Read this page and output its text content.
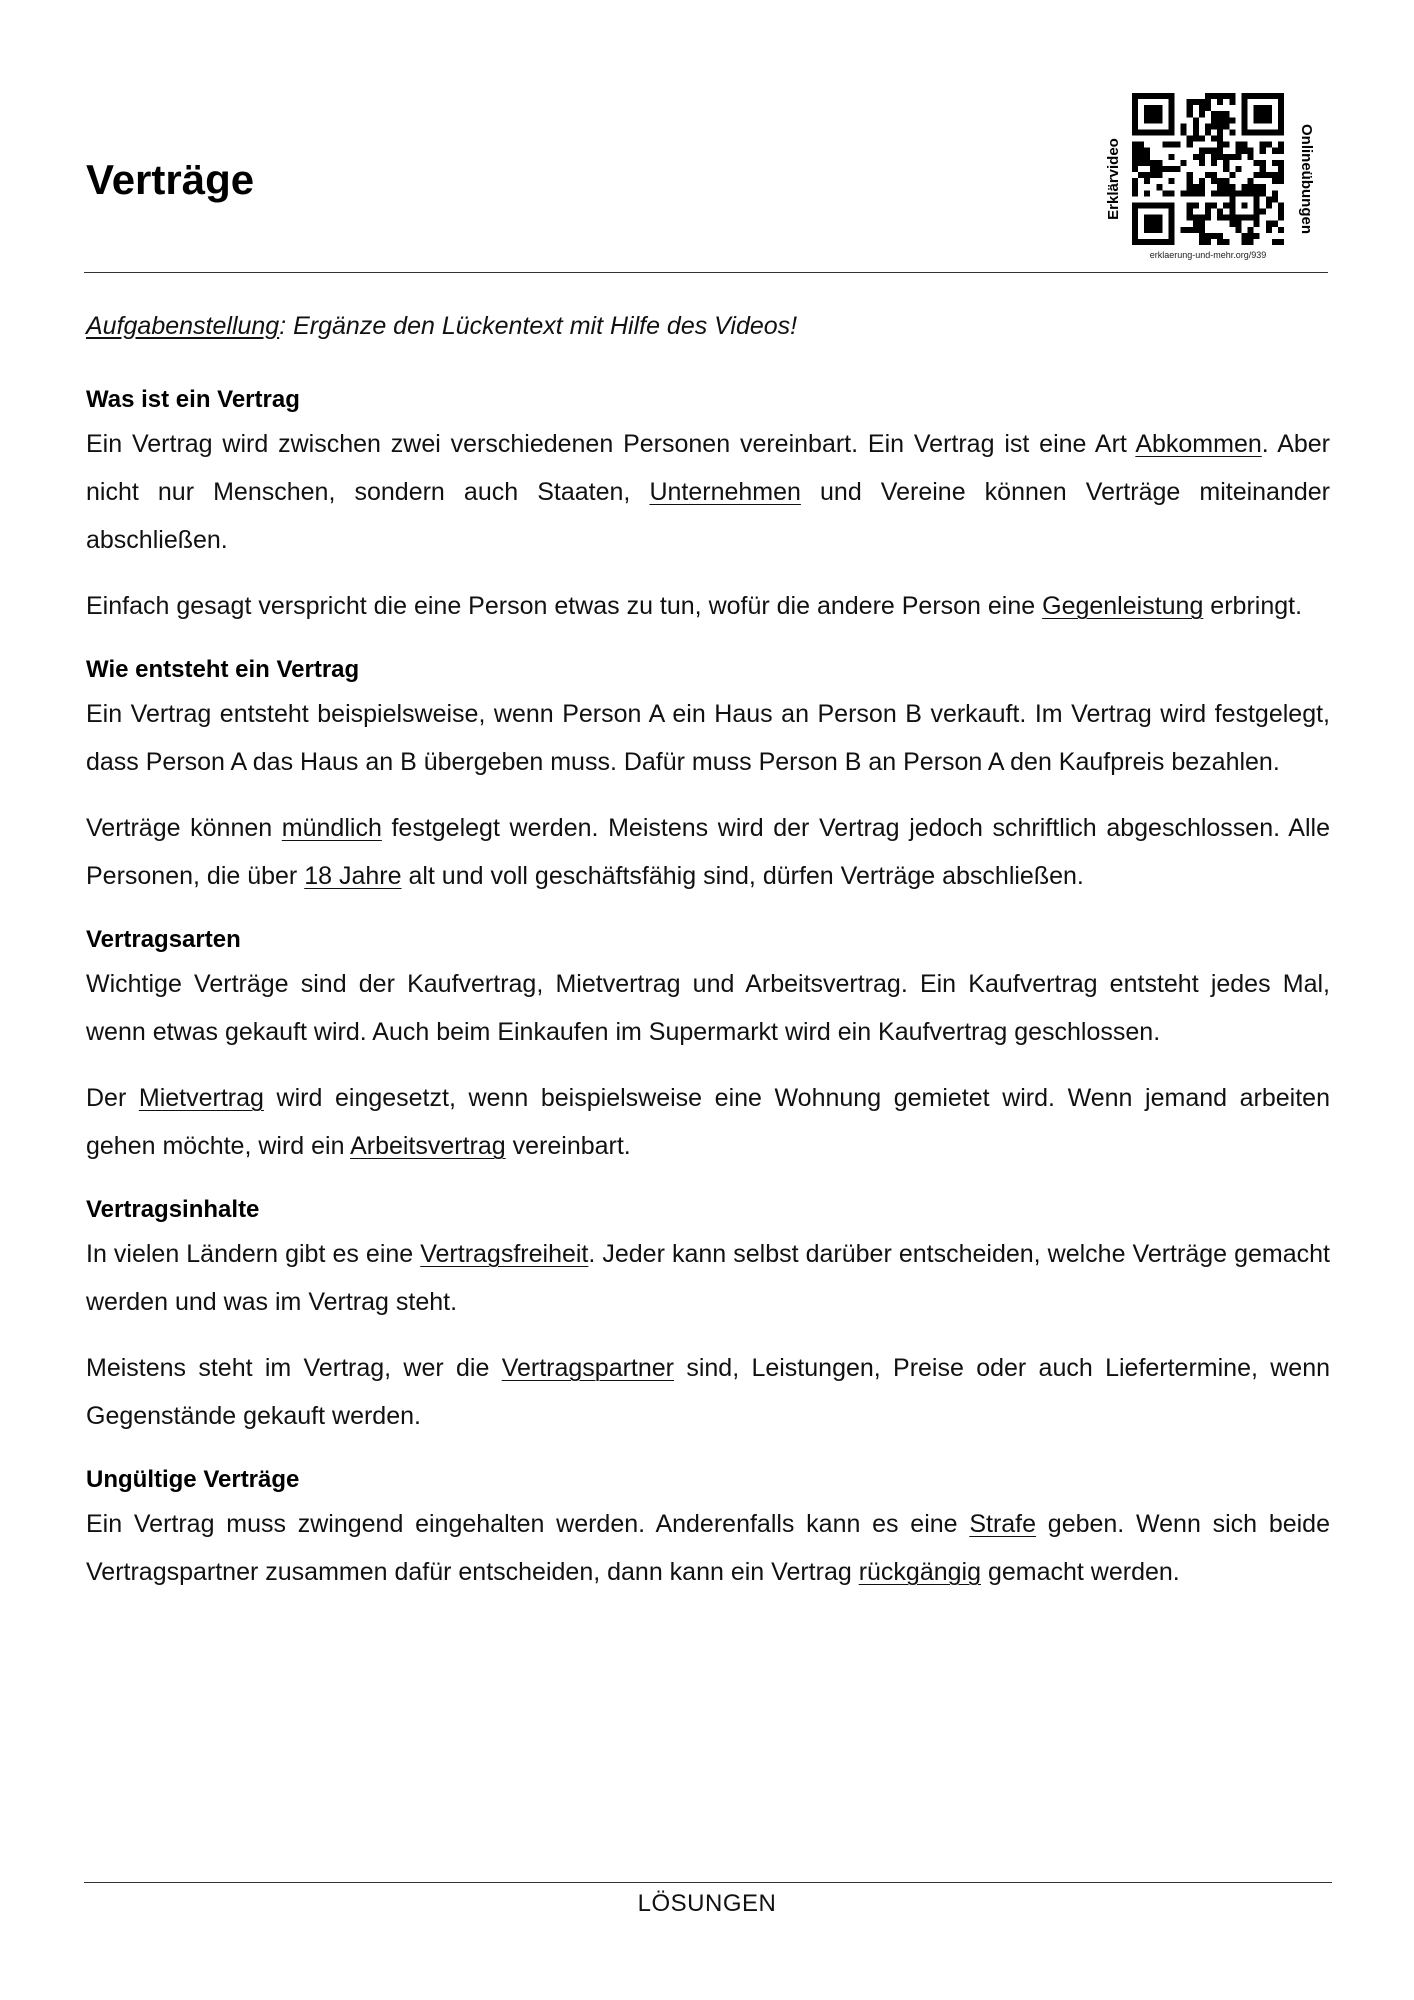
Verträge	Erklärvideo	Onlineübungen
erklaerung-und-mehr.org/939

Aufgabenstellung: Ergänze den Lückentext mit Hilfe des Videos!

Was ist ein Vertrag

Ein Vertrag wird zwischen zwei verschiedenen Personen vereinbart. Ein Vertrag ist eine Art Abkommen. Aber nicht nur Menschen, sondern auch Staaten, Unternehmen und Vereine können Verträge miteinander abschließen.

Einfach gesagt verspricht die eine Person etwas zu tun, wofür die andere Person eine Gegenleistung erbringt.

Wie entsteht ein Vertrag

Ein Vertrag entsteht beispielsweise, wenn Person A ein Haus an Person B verkauft. Im Vertrag wird festgelegt, dass Person A das Haus an B übergeben muss. Dafür muss Person B an Person A den Kaufpreis bezahlen.

Verträge können mündlich festgelegt werden. Meistens wird der Vertrag jedoch schriftlich abgeschlossen. Alle Personen, die über 18 Jahre alt und voll geschäftsfähig sind, dürfen Verträge abschließen.

Vertragsarten

Wichtige Verträge sind der Kaufvertrag, Mietvertrag und Arbeitsvertrag. Ein Kaufvertrag entsteht jedes Mal, wenn etwas gekauft wird. Auch beim Einkaufen im Supermarkt wird ein Kaufvertrag geschlossen.

Der Mietvertrag wird eingesetzt, wenn beispielsweise eine Wohnung gemietet wird. Wenn jemand arbeiten gehen möchte, wird ein Arbeitsvertrag vereinbart.

Vertragsinhalte

In vielen Ländern gibt es eine Vertragsfreiheit. Jeder kann selbst darüber entscheiden, welche Verträge gemacht werden und was im Vertrag steht.

Meistens steht im Vertrag, wer die Vertragspartner sind, Leistungen, Preise oder auch Liefertermine, wenn Gegenstände gekauft werden.

Ungültige Verträge

Ein Vertrag muss zwingend eingehalten werden. Anderenfalls kann es eine Strafe geben. Wenn sich beide Vertragspartner zusammen dafür entscheiden, dann kann ein Vertrag rückgängig gemacht werden.

LÖSUNGEN
